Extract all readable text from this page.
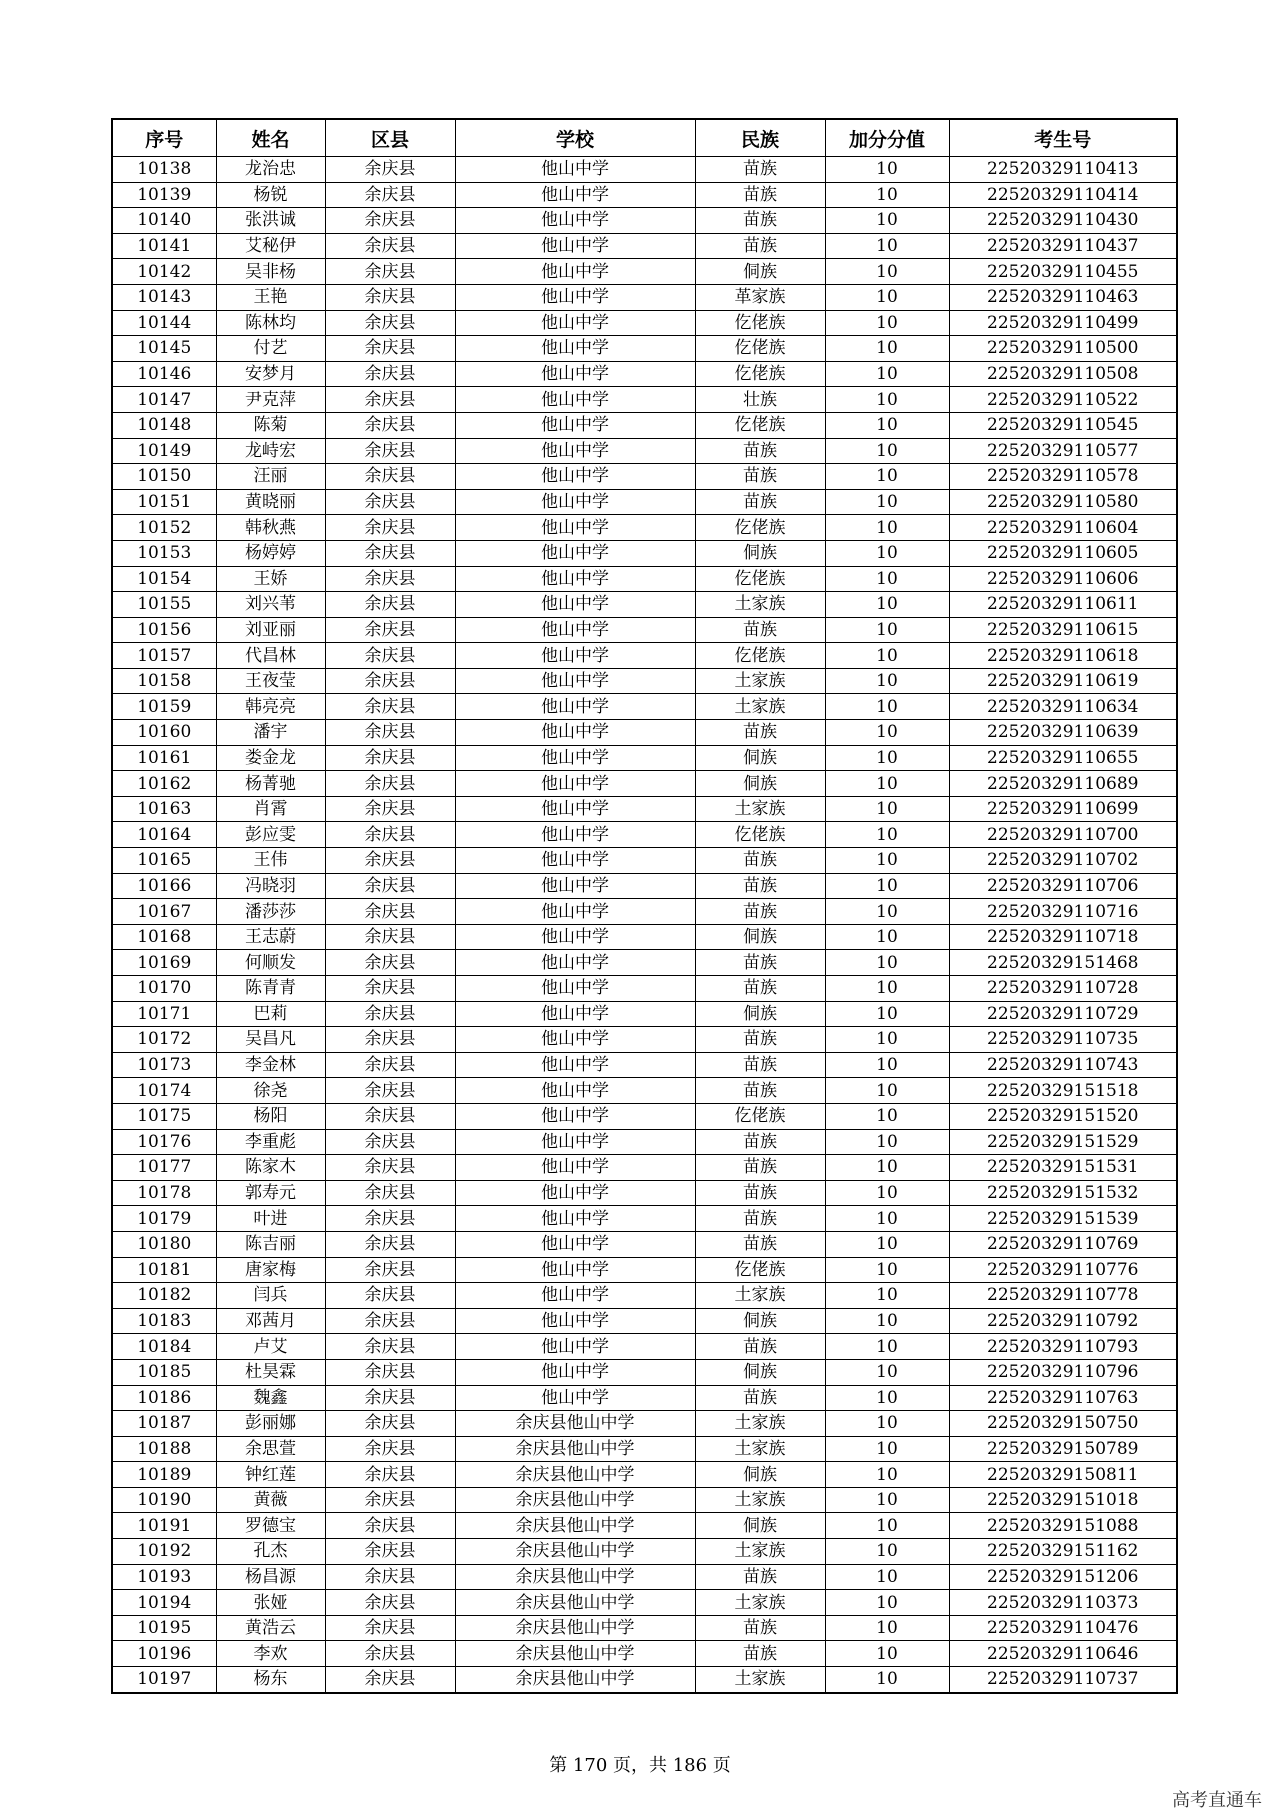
序号	姓名	区县	学校	民族	加分分值	考生号
10138	龙治忠	余庆县	他山中学	苗族	10	22520329110413
10139	杨锐	余庆县	他山中学	苗族	10	22520329110414
10140	张洪诚	余庆县	他山中学	苗族	10	22520329110430
10141	艾秘伊	余庆县	他山中学	苗族	10	22520329110437
10142	吴非杨	余庆县	他山中学	侗族	10	22520329110455
10143	王艳	余庆县	他山中学	革家族	10	22520329110463
10144	陈林均	余庆县	他山中学	仡佬族	10	22520329110499
10145	付艺	余庆县	他山中学	仡佬族	10	22520329110500
10146	安梦月	余庆县	他山中学	仡佬族	10	22520329110508
10147	尹克萍	余庆县	他山中学	壮族	10	22520329110522
10148	陈菊	余庆县	他山中学	仡佬族	10	22520329110545
10149	龙峙宏	余庆县	他山中学	苗族	10	22520329110577
10150	汪丽	余庆县	他山中学	苗族	10	22520329110578
10151	黄晓丽	余庆县	他山中学	苗族	10	22520329110580
10152	韩秋燕	余庆县	他山中学	仡佬族	10	22520329110604
10153	杨婷婷	余庆县	他山中学	侗族	10	22520329110605
10154	王娇	余庆县	他山中学	仡佬族	10	22520329110606
10155	刘兴苇	余庆县	他山中学	土家族	10	22520329110611
10156	刘亚丽	余庆县	他山中学	苗族	10	22520329110615
10157	代昌林	余庆县	他山中学	仡佬族	10	22520329110618
10158	王夜莹	余庆县	他山中学	土家族	10	22520329110619
10159	韩亮亮	余庆县	他山中学	土家族	10	22520329110634
10160	潘宇	余庆县	他山中学	苗族	10	22520329110639
10161	娄金龙	余庆县	他山中学	侗族	10	22520329110655
10162	杨菁驰	余庆县	他山中学	侗族	10	22520329110689
10163	肖霄	余庆县	他山中学	土家族	10	22520329110699
10164	彭应雯	余庆县	他山中学	仡佬族	10	22520329110700
10165	王伟	余庆县	他山中学	苗族	10	22520329110702
10166	冯晓羽	余庆县	他山中学	苗族	10	22520329110706
10167	潘莎莎	余庆县	他山中学	苗族	10	22520329110716
10168	王志蔚	余庆县	他山中学	侗族	10	22520329110718
10169	何顺发	余庆县	他山中学	苗族	10	22520329151468
10170	陈青青	余庆县	他山中学	苗族	10	22520329110728
10171	巴莉	余庆县	他山中学	侗族	10	22520329110729
10172	吴昌凡	余庆县	他山中学	苗族	10	22520329110735
10173	李金林	余庆县	他山中学	苗族	10	22520329110743
10174	徐尧	余庆县	他山中学	苗族	10	22520329151518
10175	杨阳	余庆县	他山中学	仡佬族	10	22520329151520
10176	李重彪	余庆县	他山中学	苗族	10	22520329151529
10177	陈家木	余庆县	他山中学	苗族	10	22520329151531
10178	郭寿元	余庆县	他山中学	苗族	10	22520329151532
10179	叶进	余庆县	他山中学	苗族	10	22520329151539
10180	陈吉丽	余庆县	他山中学	苗族	10	22520329110769
10181	唐家梅	余庆县	他山中学	仡佬族	10	22520329110776
10182	闫兵	余庆县	他山中学	土家族	10	22520329110778
10183	邓茜月	余庆县	他山中学	侗族	10	22520329110792
10184	卢艾	余庆县	他山中学	苗族	10	22520329110793
10185	杜昊霖	余庆县	他山中学	侗族	10	22520329110796
10186	魏鑫	余庆县	他山中学	苗族	10	22520329110763
10187	彭丽娜	余庆县	余庆县他山中学	土家族	10	22520329150750
10188	余思萱	余庆县	余庆县他山中学	土家族	10	22520329150789
10189	钟红莲	余庆县	余庆县他山中学	侗族	10	22520329150811
10190	黄薇	余庆县	余庆县他山中学	土家族	10	22520329151018
10191	罗德宝	余庆县	余庆县他山中学	侗族	10	22520329151088
10192	孔杰	余庆县	余庆县他山中学	土家族	10	22520329151162
10193	杨昌源	余庆县	余庆县他山中学	苗族	10	22520329151206
10194	张娅	余庆县	余庆县他山中学	土家族	10	22520329110373
10195	黄浩云	余庆县	余庆县他山中学	苗族	10	22520329110476
10196	李欢	余庆县	余庆县他山中学	苗族	10	22520329110646
10197	杨东	余庆县	余庆县他山中学	土家族	10	22520329110737
第 170 页，共 186 页
高考直通车
